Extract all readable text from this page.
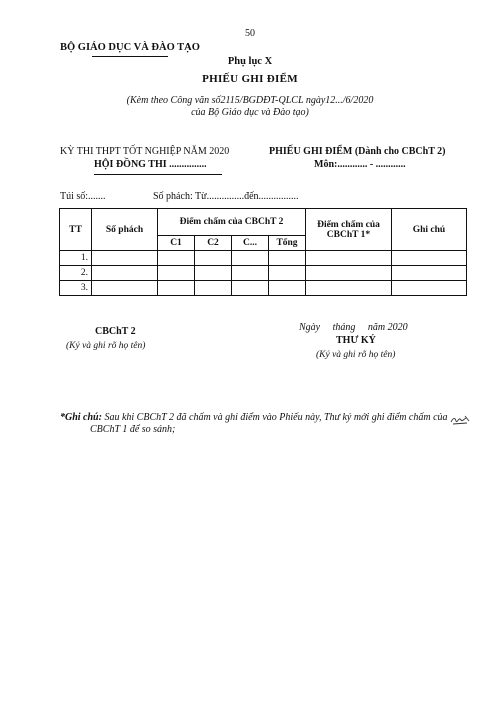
50
BỘ GIÁO DỤC VÀ ĐÀO TẠO
Phụ lục X
PHIẾU GHI ĐIỂM
(Kèm theo Công văn số2115/BGDĐT-QLCL ngày12.../6/2020
của Bộ Giáo dục và Đào tạo)
KỲ THI THPT TỐT NGHIỆP NĂM 2020
HỘI ĐỒNG THI ...............
PHIẾU GHI ĐIỂM (Dành cho CBChT 2)
Môn:............ - ............
Túi số:.......	Số phách: Từ...............đến................
TT	Số phách	Điểm chấm của CBChT 2				Điểm chấm của CBChT 1*	Ghi chú
		C1	C2	C...	Tổng		
1.							
2.							
3.							
CBChT 2
(Ký và ghi rõ họ tên)
Ngày     tháng     năm 2020
THƯ KÝ
(Ký và ghi rõ họ tên)
*Ghi chú: Sau khi CBChT 2 đã chấm và ghi điểm vào Phiếu này, Thư ký mới ghi điểm chấm của
CBChT 1 để so sánh;
